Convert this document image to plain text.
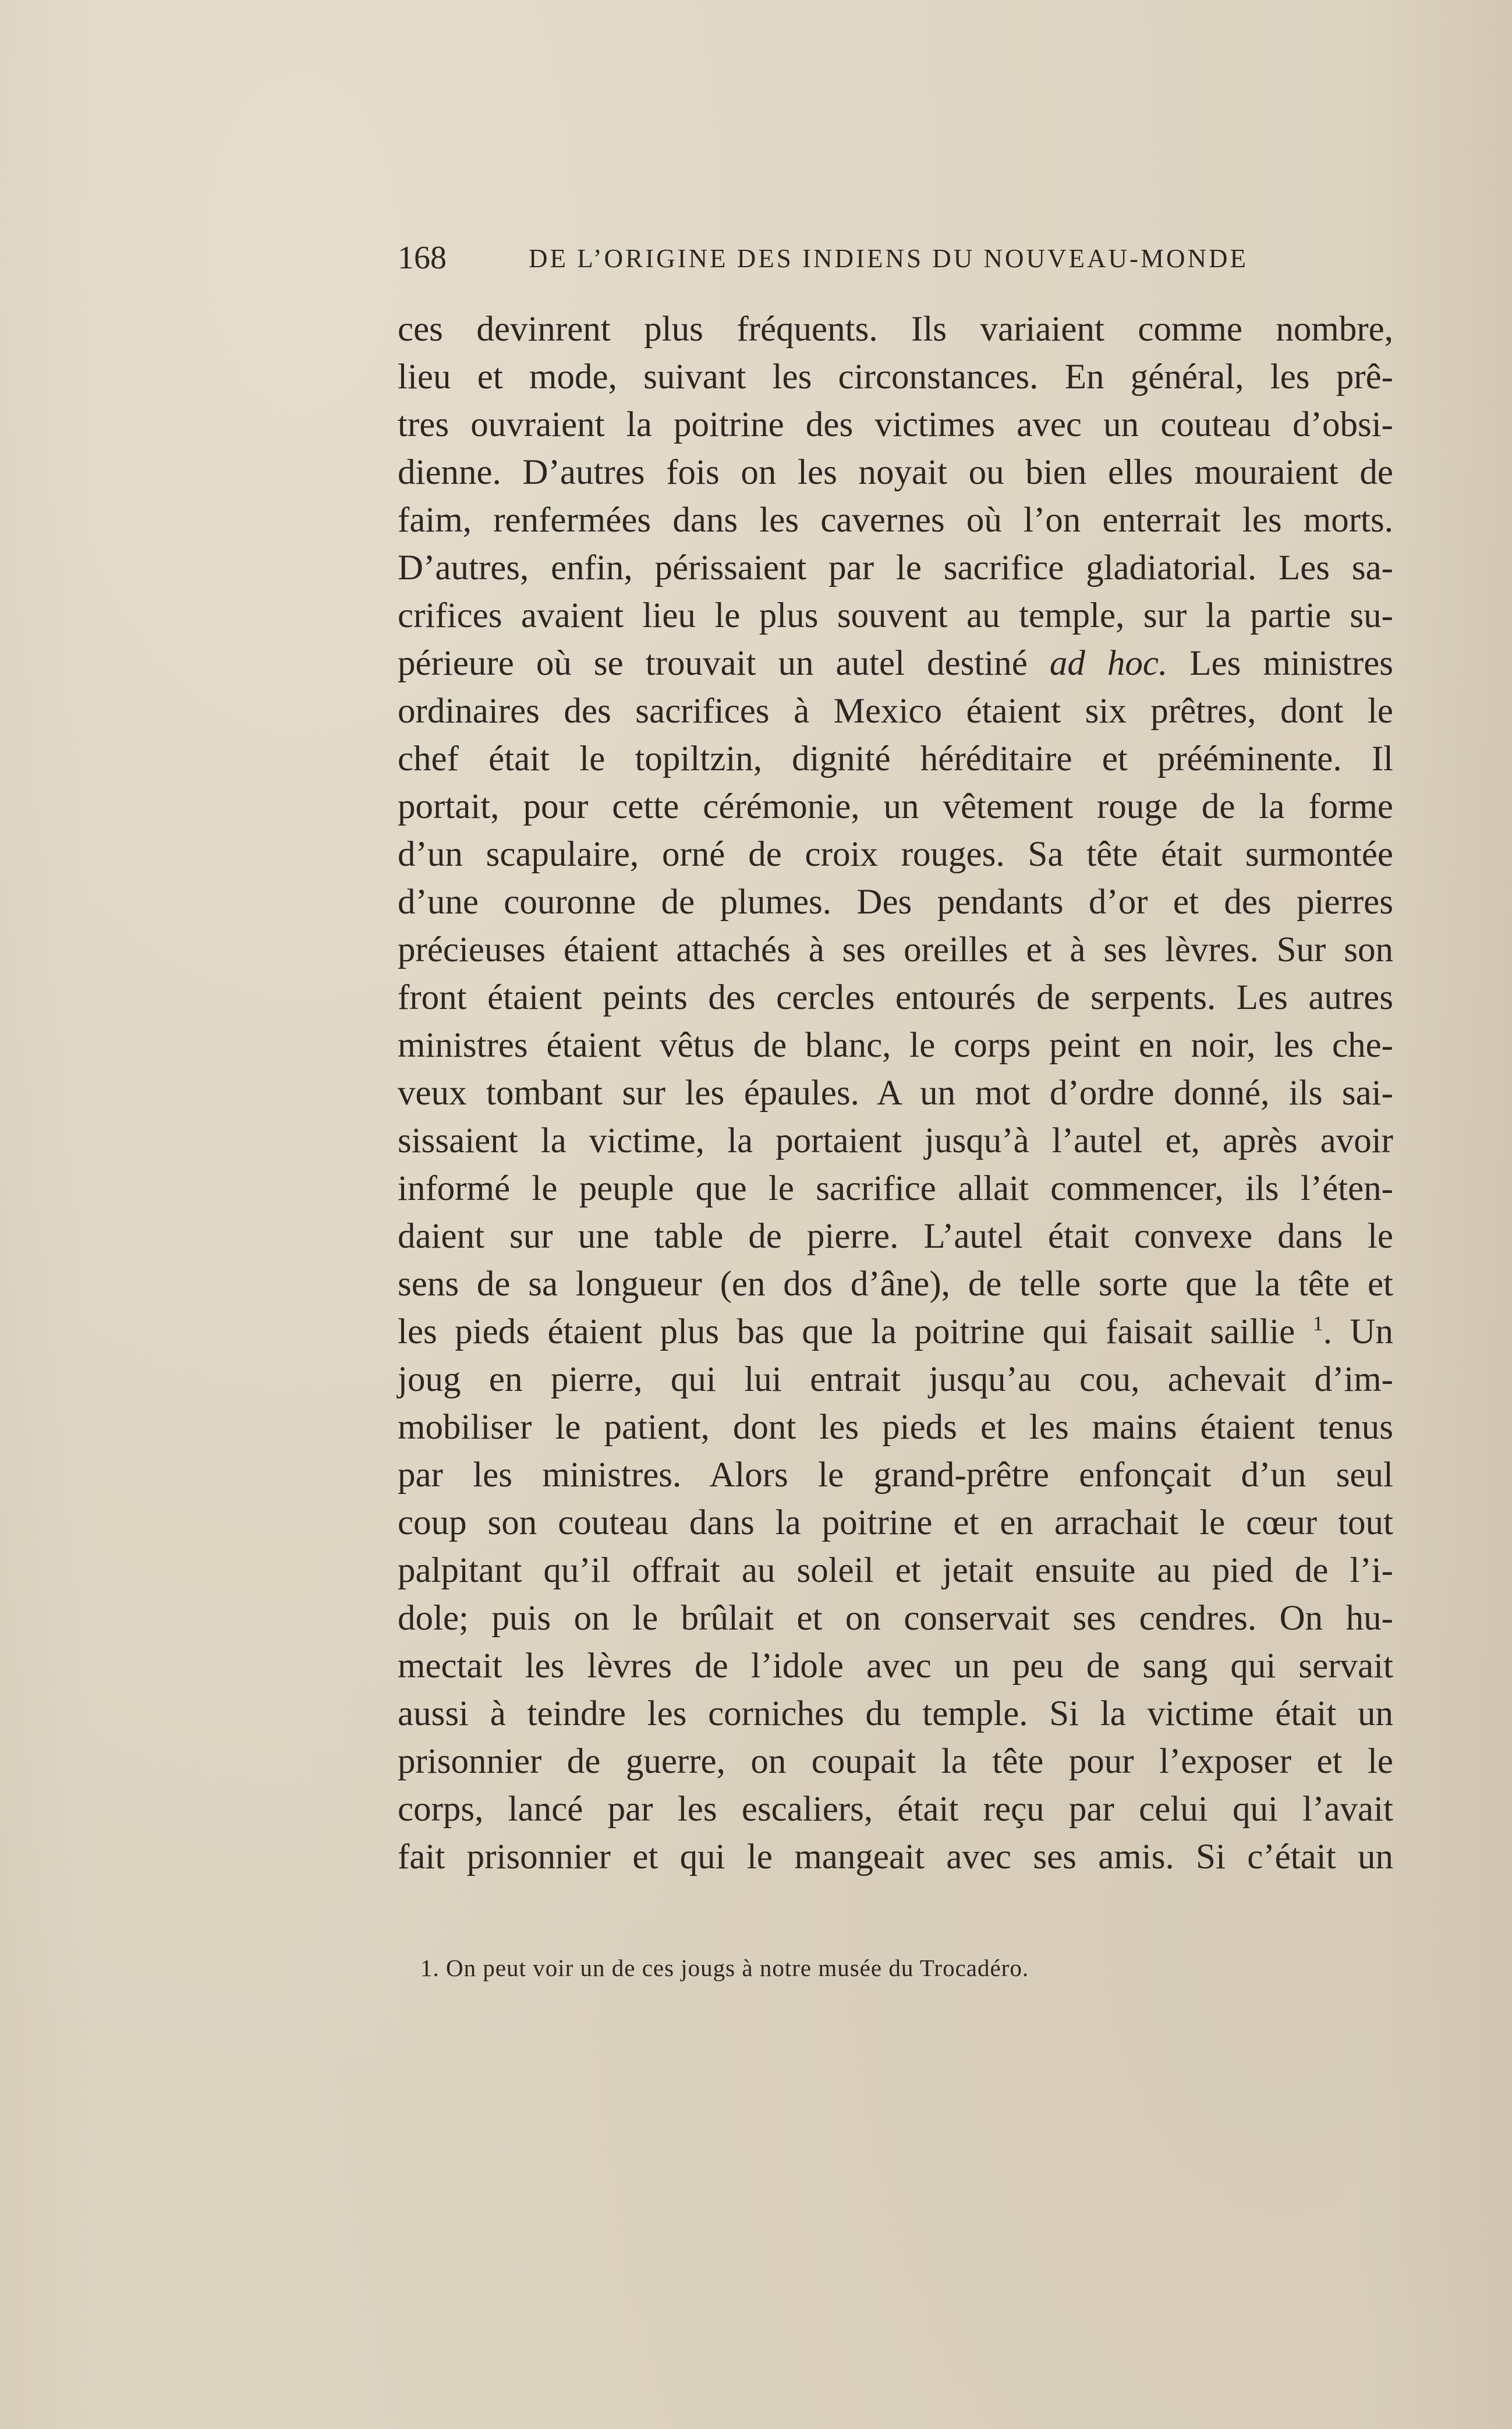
168	DE L’ORIGINE DES INDIENS DU NOUVEAU-MONDE
ces devinrent plus fréquents. Ils variaient comme nombre,
lieu et mode, suivant les circonstances. En général, les prê-
tres ouvraient la poitrine des victimes avec un couteau d’obsi-
dienne. D’autres fois on les noyait ou bien elles mouraient de
faim, renfermées dans les cavernes où l’on enterrait les morts.
D’autres, enfin, périssaient par le sacrifice gladiatorial. Les sa-
crifices avaient lieu le plus souvent au temple, sur la partie su-
périeure où se trouvait un autel destiné ad hoc. Les ministres
ordinaires des sacrifices à Mexico étaient six prêtres, dont le
chef était le topiltzin, dignité héréditaire et prééminente. Il
portait, pour cette cérémonie, un vêtement rouge de la forme
d’un scapulaire, orné de croix rouges. Sa tête était surmontée
d’une couronne de plumes. Des pendants d’or et des pierres
précieuses étaient attachés à ses oreilles et à ses lèvres. Sur son
front étaient peints des cercles entourés de serpents. Les autres
ministres étaient vêtus de blanc, le corps peint en noir, les che-
veux tombant sur les épaules. A un mot d’ordre donné, ils sai-
sissaient la victime, la portaient jusqu’à l’autel et, après avoir
informé le peuple que le sacrifice allait commencer, ils l’éten-
daient sur une table de pierre. L’autel était convexe dans le
sens de sa longueur (en dos d’âne), de telle sorte que la tête et
les pieds étaient plus bas que la poitrine qui faisait saillie $^1$. Un
joug en pierre, qui lui entrait jusqu’au cou, achevait d’im-
mobiliser le patient, dont les pieds et les mains étaient tenus
par les ministres. Alors le grand-prêtre enfonçait d’un seul
coup son couteau dans la poitrine et en arrachait le cœur tout
palpitant qu’il offrait au soleil et jetait ensuite au pied de l’i-
dole; puis on le brûlait et on conservait ses cendres. On hu-
mectait les lèvres de l’idole avec un peu de sang qui servait
aussi à teindre les corniches du temple. Si la victime était un
prisonnier de guerre, on coupait la tête pour l’exposer et le
corps, lancé par les escaliers, était reçu par celui qui l’avait
fait prisonnier et qui le mangeait avec ses amis. Si c’était un
1. On peut voir un de ces jougs à notre musée du Trocadéro.
